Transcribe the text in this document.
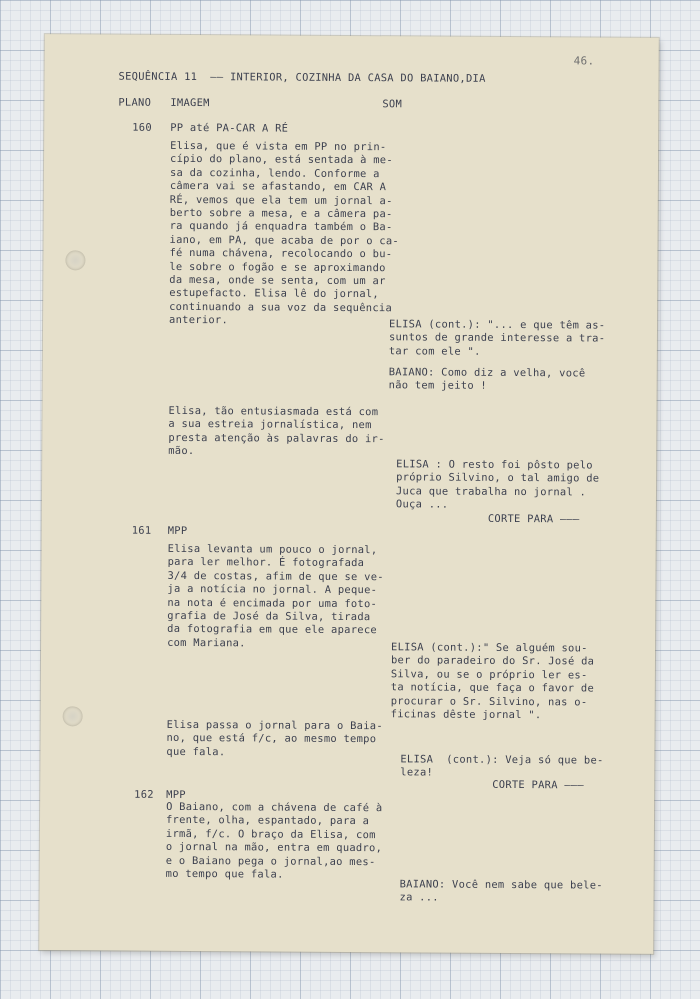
46.
SEQUÊNCIA 11  —— INTERIOR, COZINHA DA CASA DO BAIANO,DIA
PLANO IMAGEM	SOM
160 PP até PA-CAR A RÉ
Elisa, que é vista em PP no prin-
cípio do plano, está sentada à me-
sa da cozinha, lendo. Conforme a
câmera vai se afastando, em CAR A
RÉ, vemos que ela tem um jornal a-
berto sobre a mesa, e a câmera pa-
ra quando já enquadra também o Ba-
iano, em PA, que acaba de por o ca-
fé numa chávena, recolocando o bu-
le sobre o fogão e se aproximando
da mesa, onde se senta, com um ar
estupefacto. Elisa lê do jornal,
continuando a sua voz da sequência
anterior.	ELISA (cont.): "... e que têm as-
suntos de grande interesse a tra-
tar com ele ".
BAIANO: Como diz a velha, você
não tem jeito !
Elisa, tão entusiasmada está com
a sua estreia jornalística, nem
presta atenção às palavras do ir-
mão.
ELISA : O resto foi pôsto pelo
próprio Silvino, o tal amigo de
Juca que trabalha no jornal .
Ouça ...
CORTE PARA ———
161 MPP
Elisa levanta um pouco o jornal,
para ler melhor. É fotografada
3/4 de costas, afim de que se ve-
ja a notícia no jornal. A peque-
na nota é encimada por uma foto-
grafia de José da Silva, tirada
da fotografia em que ele aparece
com Mariana.	ELISA (cont.):" Se alguém sou-
ber do paradeiro do Sr. José da
Silva, ou se o próprio ler es-
ta notícia, que faça o favor de
procurar o Sr. Silvino, nas o-
ficinas dêste jornal ".
Elisa passa o jornal para o Baia-
no, que está f/c, ao mesmo tempo
que fala.
ELISA  (cont.): Veja só que be-
leza!
CORTE PARA ———
162 MPP
O Baiano, com a chávena de café à
frente, olha, espantado, para a
irmã, f/c. O braço da Elisa, com
o jornal na mão, entra em quadro,
e o Baiano pega o jornal,ao mes-
mo tempo que fala.
BAIANO: Você nem sabe que bele-
za ...
